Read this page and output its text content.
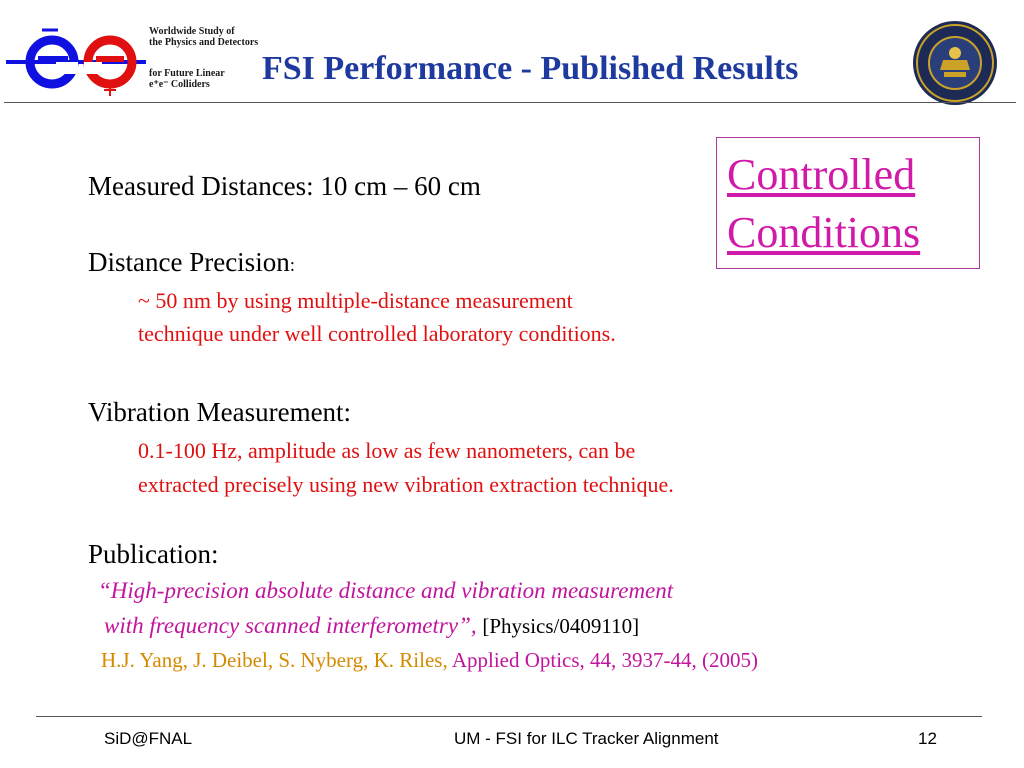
Worldwide Study of
the Physics and Detectors
for Future Linear
e⁺e⁻ Colliders	FSI Performance - Published Results
Controlled
Conditions
Measured Distances: 10 cm – 60 cm
Distance Precision:
~ 50 nm by using multiple-distance measurement
technique under well controlled laboratory conditions.
Vibration Measurement:
0.1-100 Hz, amplitude as low as few nanometers, can be
extracted precisely using new vibration extraction technique.
Publication:
“High-precision absolute distance and vibration measurement
with frequency scanned interferometry”, [Physics/0409110]
H.J. Yang, J. Deibel, S. Nyberg, K. Riles, Applied Optics, 44, 3937-44, (2005)
SiD@FNAL	UM - FSI for ILC Tracker Alignment	12
